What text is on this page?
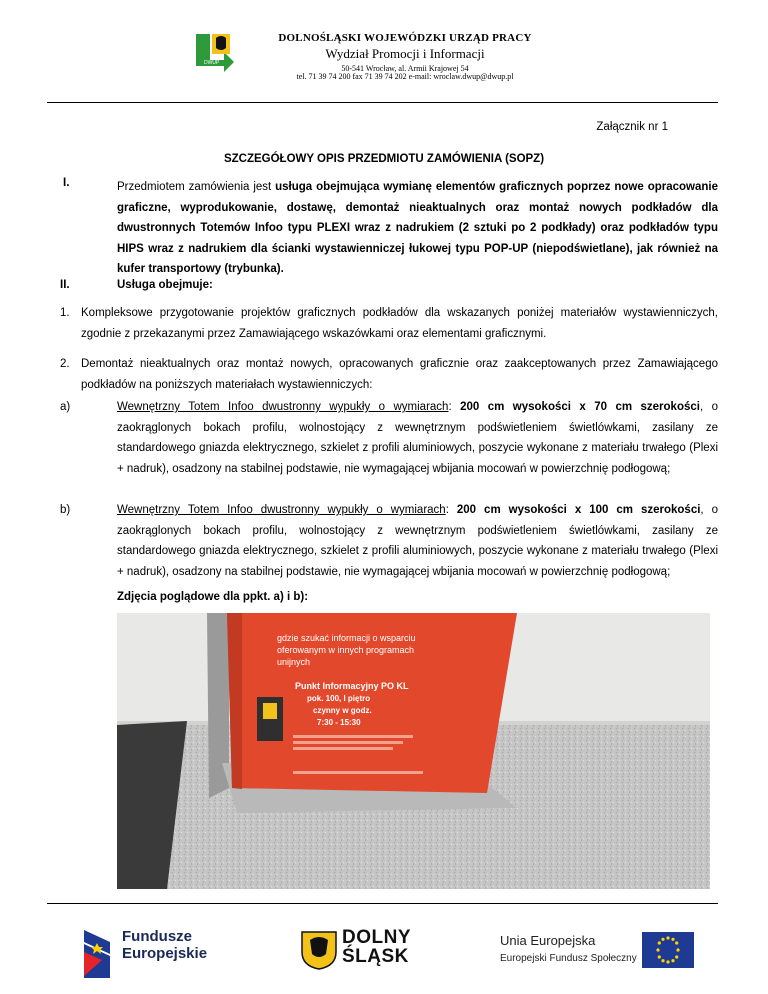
DWUP
DOLNOŚLĄSKI WOJEWÓDZKI URZĄD PRACY
Wydział Promocji i Informacji
50-541 Wrocław, al. Armii Krajowej 54
tel. 71 39 74 200 fax 71 39 74 202 e-mail: wroclaw.dwup@dwup.pl
Załącznik nr 1
SZCZEGÓŁOWY OPIS PRZEDMIOTU ZAMÓWIENIA (SOPZ)
I.	Przedmiotem zamówienia jest usługa obejmująca wymianę elementów graficznych poprzez nowe opracowanie graficzne, wyprodukowanie, dostawę, demontaż nieaktualnych oraz montaż nowych podkładów dla dwustronnych Totemów Infoo typu PLEXI wraz z nadrukiem (2 sztuki po 2 podkłady) oraz podkładów typu HIPS wraz z nadrukiem dla ścianki wystawienniczej łukowej typu POP-UP (niepodświetlane), jak również na kufer transportowy (trybunka).
II.	Usługa obejmuje:
1. Kompleksowe przygotowanie projektów graficznych podkładów dla wskazanych poniżej materiałów wystawienniczych, zgodnie z przekazanymi przez Zamawiającego wskazówkami oraz elementami graficznymi.
2. Demontaż nieaktualnych oraz montaż nowych, opracowanych graficznie oraz zaakceptowanych przez Zamawiającego podkładów na poniższych materiałach wystawienniczych:
a)	Wewnętrzny Totem Infoo dwustronny wypukły o wymiarach: 200 cm wysokości x 70 cm szerokości, o zaokrąglonych bokach profilu, wolnostojący z wewnętrznym podświetleniem świetlówkami, zasilany ze standardowego gniazda elektrycznego, szkielet z profili aluminiowych, poszycie wykonane z materiału trwałego (Plexi + nadruk), osadzony na stabilnej podstawie, nie wymagającej wbijania mocowań w powierzchnię podłogową;
b)	Wewnętrzny Totem Infoo dwustronny wypukły o wymiarach: 200 cm wysokości x 100 cm szerokości, o zaokrąglonych bokach profilu, wolnostojący z wewnętrznym podświetleniem świetlówkami, zasilany ze standardowego gniazda elektrycznego, szkielet z profili aluminiowych, poszycie wykonane z materiału trwałego (Plexi + nadruk), osadzony na stabilnej podstawie, nie wymagającej wbijania mocowań w powierzchnię podłogową;
Zdjęcia poglądowe dla ppkt. a) i b):
gdzie szukać informacji o wsparciu
oferowanym w innych programach
unijnych
Punkt Informacyjny PO KL
pok. 100, I piętro
czynny w godz.
7:30 - 15:30
Fundusze
Europejskie
DOLNY
ŚLĄSK
Unia Europejska
Europejski Fundusz Społeczny
